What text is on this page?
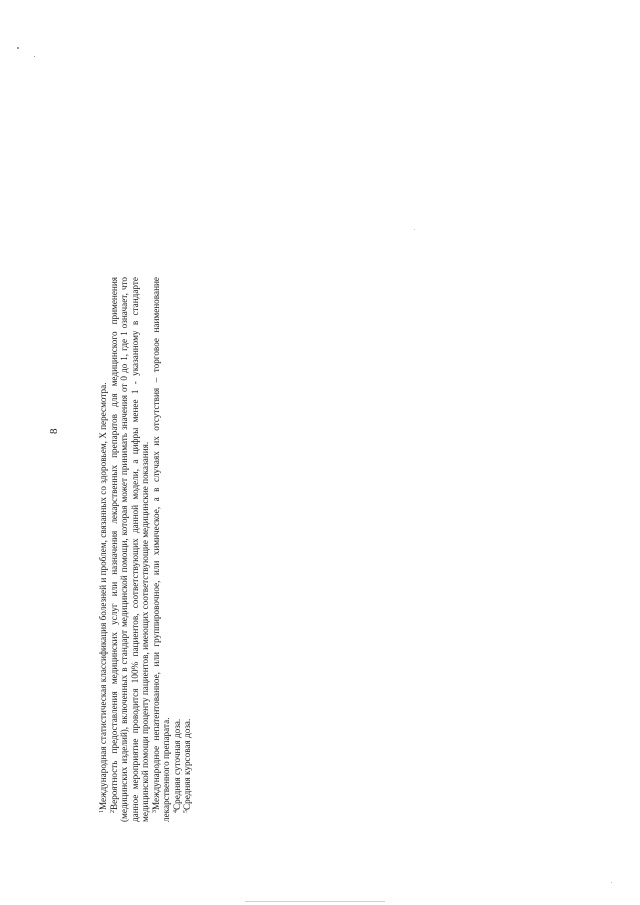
8

$^1$Международная статистическая классификация болезней и проблем, связанных со здоровьем, X пересмотра.

$^2$Вероятность предоставления медицинских услуг или назначения лекарственных препаратов для медицинского применения (медицинских изделий), включенных в стандарт медицинской помощи, которая может принимать значения от 0 до 1, где 1 означает, что данное мероприятие проводится 100% пациентов, соответствующих данной модели, а цифры менее 1 - указанному в стандарте медицинской помощи проценту пациентов, имеющих соответствующие медицинские показания. $^3$Международное непатентованное, или группировочное, или химическое, а в случаях их отсутствия – торговое наименование лекарственного препарата. $^4$Средняя суточная доза.

$^5$Средняя курсовая доза.
